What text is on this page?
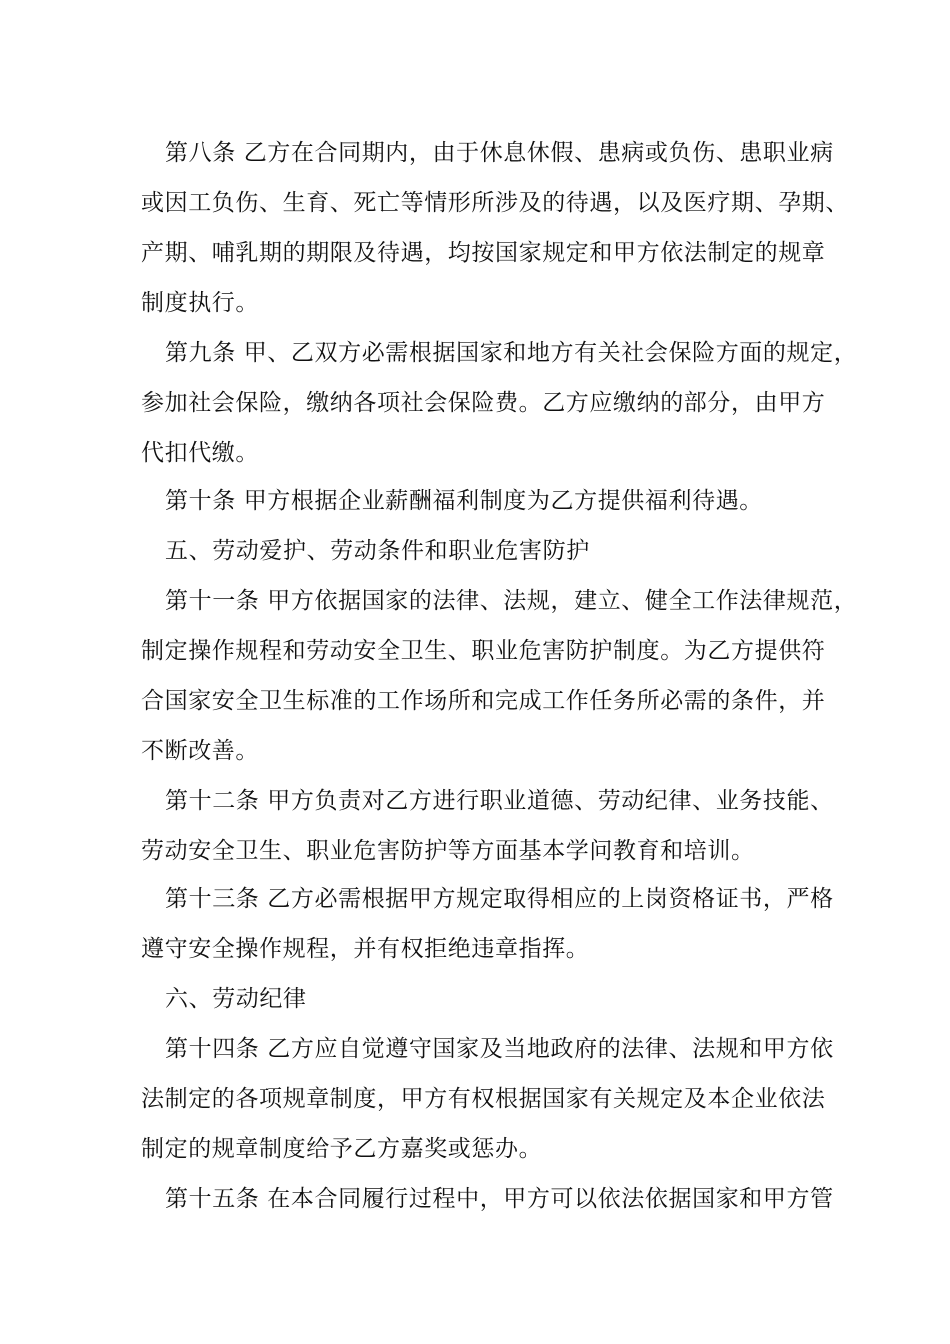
第八条 乙方在合同期内，由于休息休假、患病或负伤、患职业病
或因工负伤、生育、死亡等情形所涉及的待遇，以及医疗期、孕期、
产期、哺乳期的期限及待遇，均按国家规定和甲方依法制定的规章
制度执行。
第九条 甲、乙双方必需根据国家和地方有关社会保险方面的规定，
参加社会保险，缴纳各项社会保险费。乙方应缴纳的部分，由甲方
代扣代缴。
第十条 甲方根据企业薪酬福利制度为乙方提供福利待遇。
五、劳动爱护、劳动条件和职业危害防护
第十一条 甲方依据国家的法律、法规，建立、健全工作法律规范，
制定操作规程和劳动安全卫生、职业危害防护制度。为乙方提供符
合国家安全卫生标准的工作场所和完成工作任务所必需的条件，并
不断改善。
第十二条 甲方负责对乙方进行职业道德、劳动纪律、业务技能、
劳动安全卫生、职业危害防护等方面基本学问教育和培训。
第十三条 乙方必需根据甲方规定取得相应的上岗资格证书，严格
遵守安全操作规程，并有权拒绝违章指挥。
六、劳动纪律
第十四条 乙方应自觉遵守国家及当地政府的法律、法规和甲方依
法制定的各项规章制度，甲方有权根据国家有关规定及本企业依法
制定的规章制度给予乙方嘉奖或惩办。
第十五条 在本合同履行过程中，甲方可以依法依据国家和甲方管
